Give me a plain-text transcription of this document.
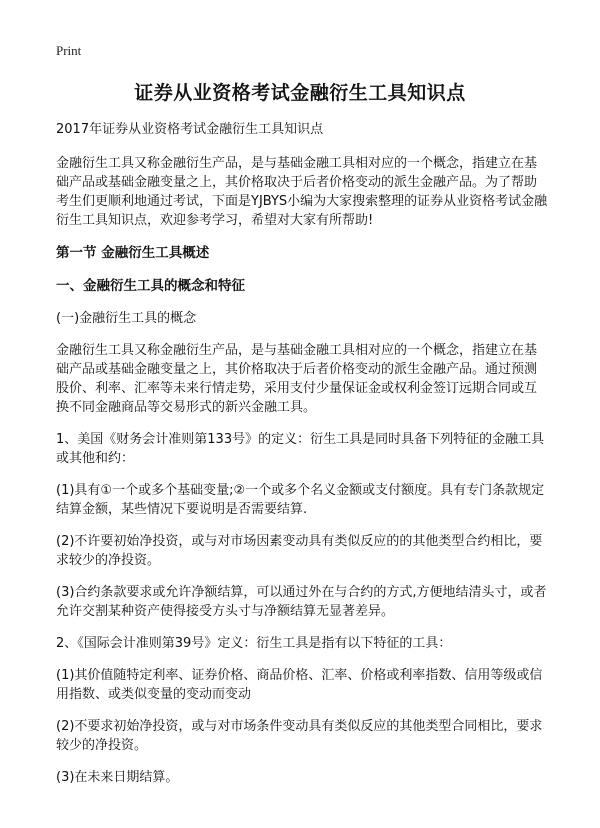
Print
证券从业资格考试金融衍生工具知识点

2017年证券从业资格考试金融衍生工具知识点

金融衍生工具又称金融衍生产品，是与基础金融工具相对应的一个概念，指建立在基础产品或基础金融变量之上，其价格取决于后者价格变动的派生金融产品。为了帮助考生们更顺利地通过考试，下面是YJBYS小编为大家搜索整理的证券从业资格考试金融衍生工具知识点，欢迎参考学习，希望对大家有所帮助!

第一节 金融衍生工具概述
一、金融衍生工具的概念和特征

(一)金融衍生工具的概念

金融衍生工具又称金融衍生产品，是与基础金融工具相对应的一个概念，指建立在基础产品或基础金融变量之上，其价格取决于后者价格变动的派生金融产品。通过预测股价、利率、汇率等未来行情走势，采用支付少量保证金或权利金签订远期合同或互换不同金融商品等交易形式的新兴金融工具。

1、美国《财务会计准则第133号》的定义：衍生工具是同时具备下列特征的金融工具或其他和约：

(1)具有①一个或多个基础变量;②一个或多个名义金额或支付额度。具有专门条款规定结算金额，某些情况下要说明是否需要结算.

(2)不许要初始净投资，或与对市场因素变动具有类似反应的的其他类型合约相比，要求较少的净投资。

(3)合约条款要求或允许净额结算，可以通过外在与合约的方式,方便地结清头寸，或者允许交割某种资产使得接受方头寸与净额结算无显著差异。

2、《国际会计准则第39号》定义：衍生工具是指有以下特征的工具：

(1)其价值随特定利率、证券价格、商品价格、汇率、价格或利率指数、信用等级或信用指数、或类似变量的变动而变动

(2)不要求初始净投资，或与对市场条件变动具有类似反应的其他类型合同相比，要求较少的净投资。

(3)在未来日期结算。
